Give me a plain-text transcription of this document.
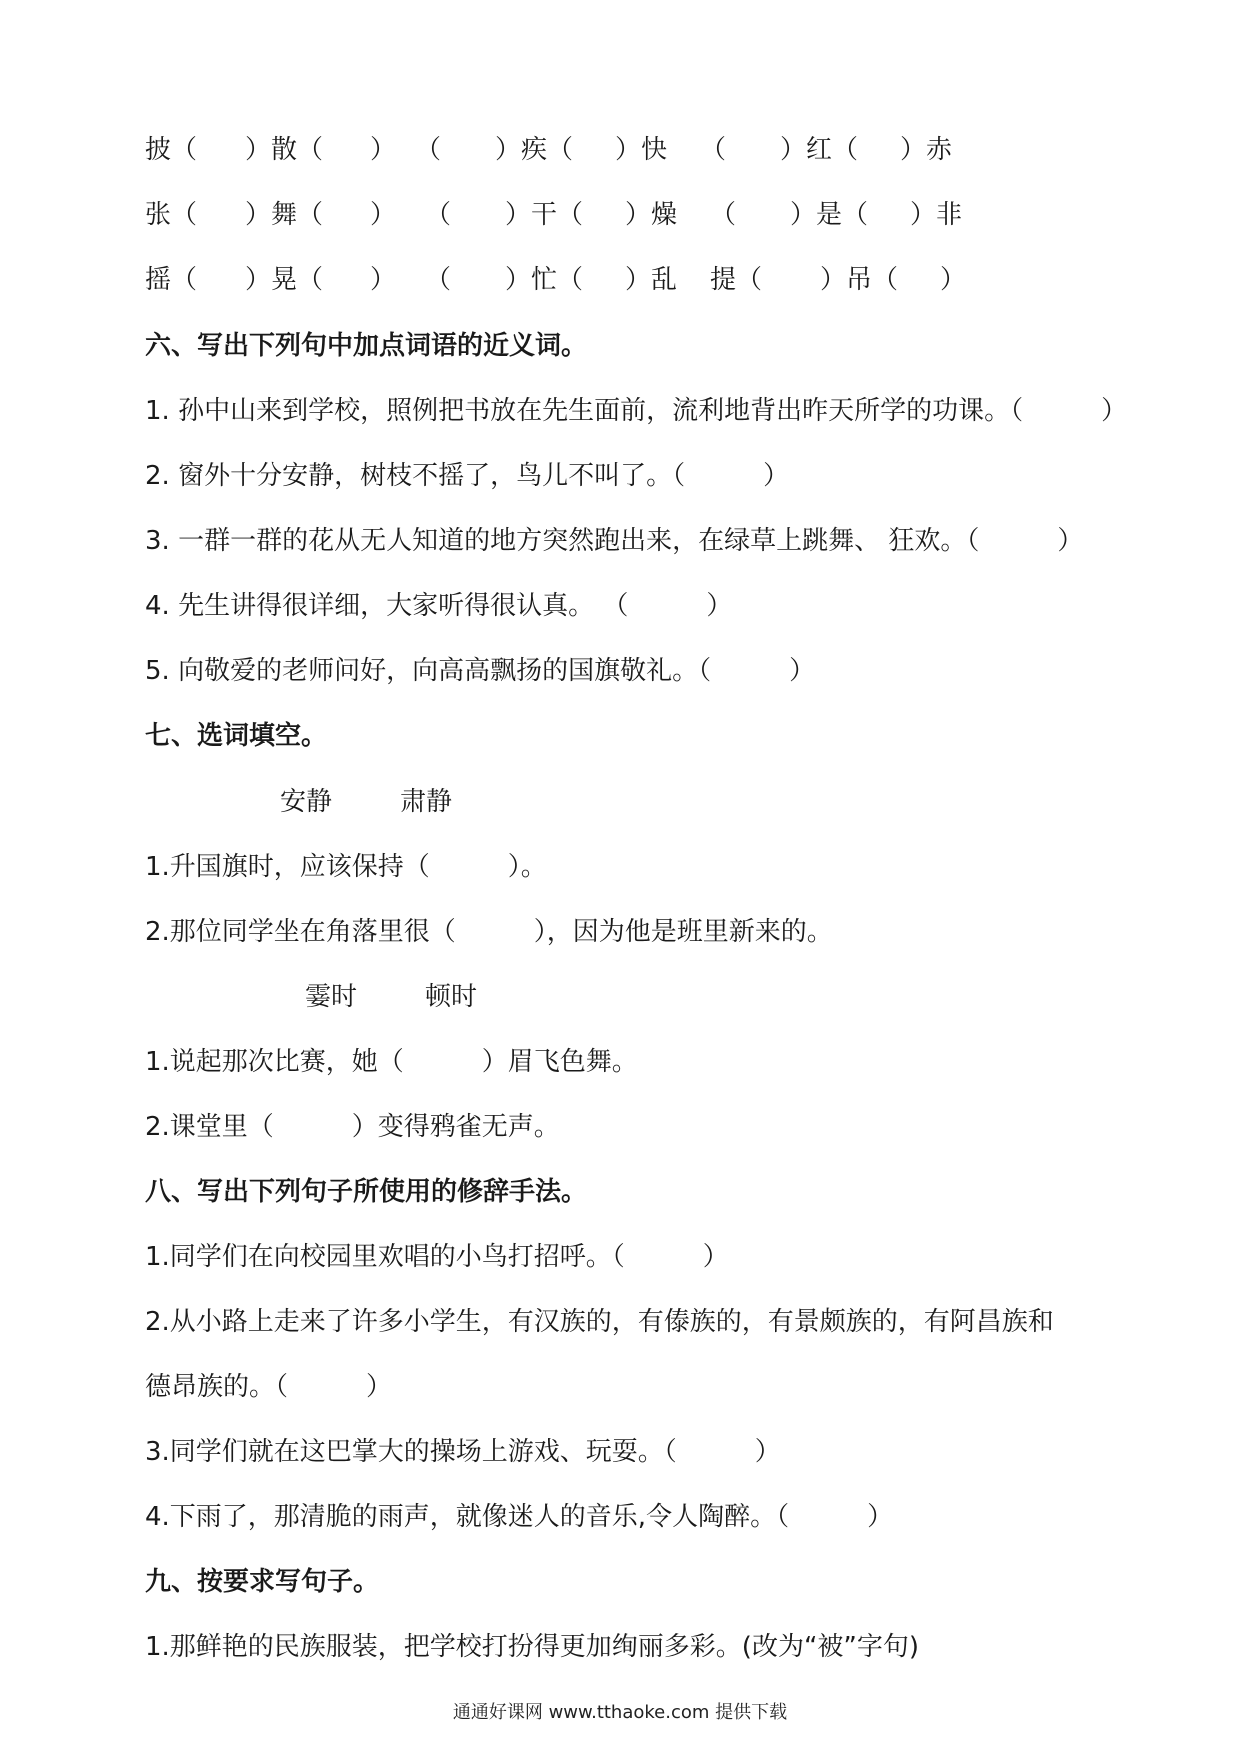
披（ ）散（ ） （ ）疾（ ）快 （ ）红（ ）赤
张（ ）舞（ ） （ ）干（ ）燥 （ ）是（ ）非
摇（ ）晃（ ） （ ）忙（ ）乱 提（ ）吊（ ）
六、写出下列句中加点词语的近义词。
1. 孙中山来到学校，照例把书放在先生面前，流利地背出昨天所学的功课。（　　　）
2. 窗外十分安静，树枝不摇了，鸟儿不叫了。（　　　）
3. 一群一群的花从无人知道的地方突然跑出来，在绿草上跳舞、 狂欢。（　　　）
4. 先生讲得很详细，大家听得很认真。 （　　　）
5. 向敬爱的老师问好，向高高飘扬的国旗敬礼。（　　　）
七、选词填空。
安静	肃静
1.升国旗时，应该保持（　　　）。
2.那位同学坐在角落里很（　　　），因为他是班里新来的。
霎时	顿时
1.说起那次比赛，她（　　　）眉飞色舞。
2.课堂里（　　　）变得鸦雀无声。
八、写出下列句子所使用的修辞手法。
1.同学们在向校园里欢唱的小鸟打招呼。（　　　）
2.从小路上走来了许多小学生，有汉族的，有傣族的，有景颇族的，有阿昌族和
德昂族的。（　　　）
3.同学们就在这巴掌大的操场上游戏、玩耍。（　　　）
4.下雨了，那清脆的雨声，就像迷人的音乐,令人陶醉。（　　　）
九、按要求写句子。
1.那鲜艳的民族服装，把学校打扮得更加绚丽多彩。(改为“被”字句)
通通好课网 www.tthaoke.com 提供下载
